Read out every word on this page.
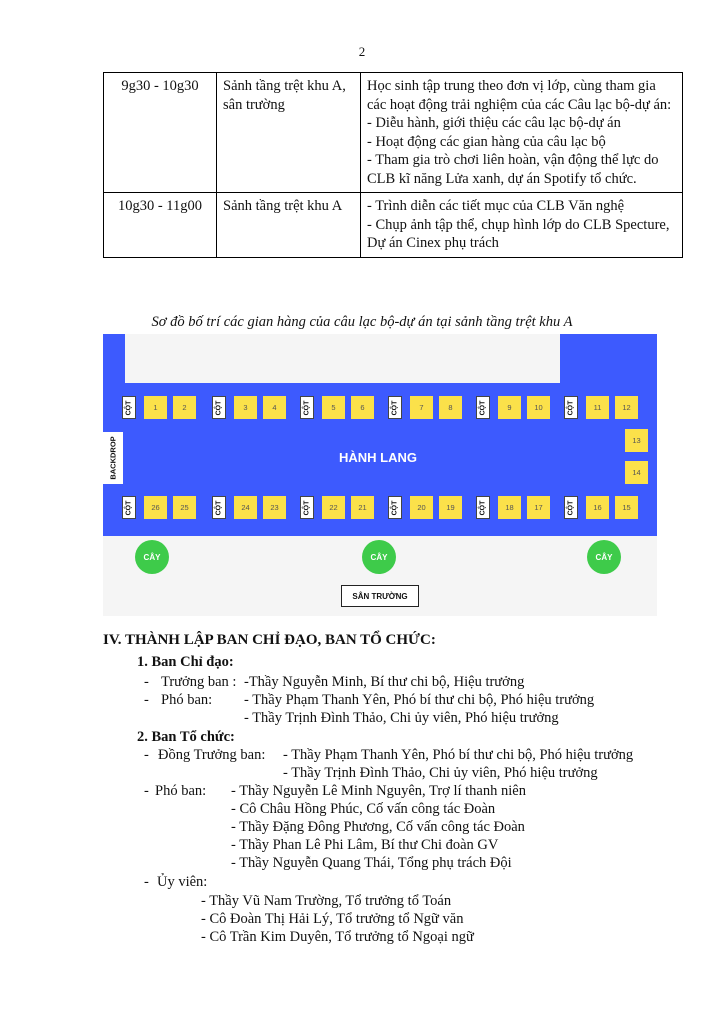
2
9g30 - 10g30	Sảnh tầng trệt khu A, sân trường	Học sinh tập trung theo đơn vị lớp, cùng tham gia các hoạt động trải nghiệm của các Câu lạc bộ-dự án:
- Diễu hành, giới thiệu các câu lạc bộ-dự án
- Hoạt động các gian hàng của câu lạc bộ
- Tham gia trò chơi liên hoàn, vận động thể lực do CLB kĩ năng Lửa xanh, dự án Spotify tổ chức.

10g30 - 11g00	Sảnh tầng trệt khu A	- Trình diễn các tiết mục của CLB Văn nghệ
- Chụp ảnh tập thể, chụp hình lớp do CLB Specture, Dự án Cinex phụ trách
Sơ đồ bố trí các gian hàng của câu lạc bộ-dự án tại sảnh tầng trệt khu A
BACKDROP	HÀNH LANG
CÂY	CÂY	CÂY
SÂN TRƯỜNG
CỘT	1	2
CỘT	26	25
CỘT	3	4
CỘT	24	23
CỘT	5	6
CỘT	22	21
CỘT	7	8
CỘT	20	19
CỘT	9	10
CỘT	18	17
CỘT	11	12
CỘT	16	15
13
14
IV. THÀNH LẬP BAN CHỈ ĐẠO, BAN TỔ CHỨC:
1. Ban Chỉ đạo:
- Trưởng ban : -Thầy Nguyễn Minh, Bí thư chi bộ, Hiệu trưởng
- Phó ban: - Thầy Phạm Thanh Yên, Phó bí thư chi bộ, Phó hiệu trưởng
- Thầy Trịnh Đình Thảo, Chi ủy viên, Phó hiệu trưởng
2. Ban Tổ chức:
- Đồng Trưởng ban: - Thầy Phạm Thanh Yên, Phó bí thư chi bộ, Phó hiệu trưởng
- Thầy Trịnh Đình Thảo, Chi ủy viên, Phó hiệu trưởng
- Phó ban: - Thầy Nguyễn Lê Minh Nguyên, Trợ lí thanh niên
- Cô Châu Hồng Phúc, Cố vấn công tác Đoàn
- Thầy Đặng Đông Phương, Cố vấn công tác Đoàn
- Thầy Phan Lê Phi Lâm, Bí thư Chi đoàn GV
- Thầy Nguyễn Quang Thái, Tổng phụ trách Đội
- Ủy viên:
- Thầy Vũ Nam Trường, Tổ trưởng tổ Toán
- Cô Đoàn Thị Hải Lý, Tổ trưởng tổ Ngữ văn
- Cô Trần Kim Duyên, Tổ trưởng tổ Ngoại ngữ
